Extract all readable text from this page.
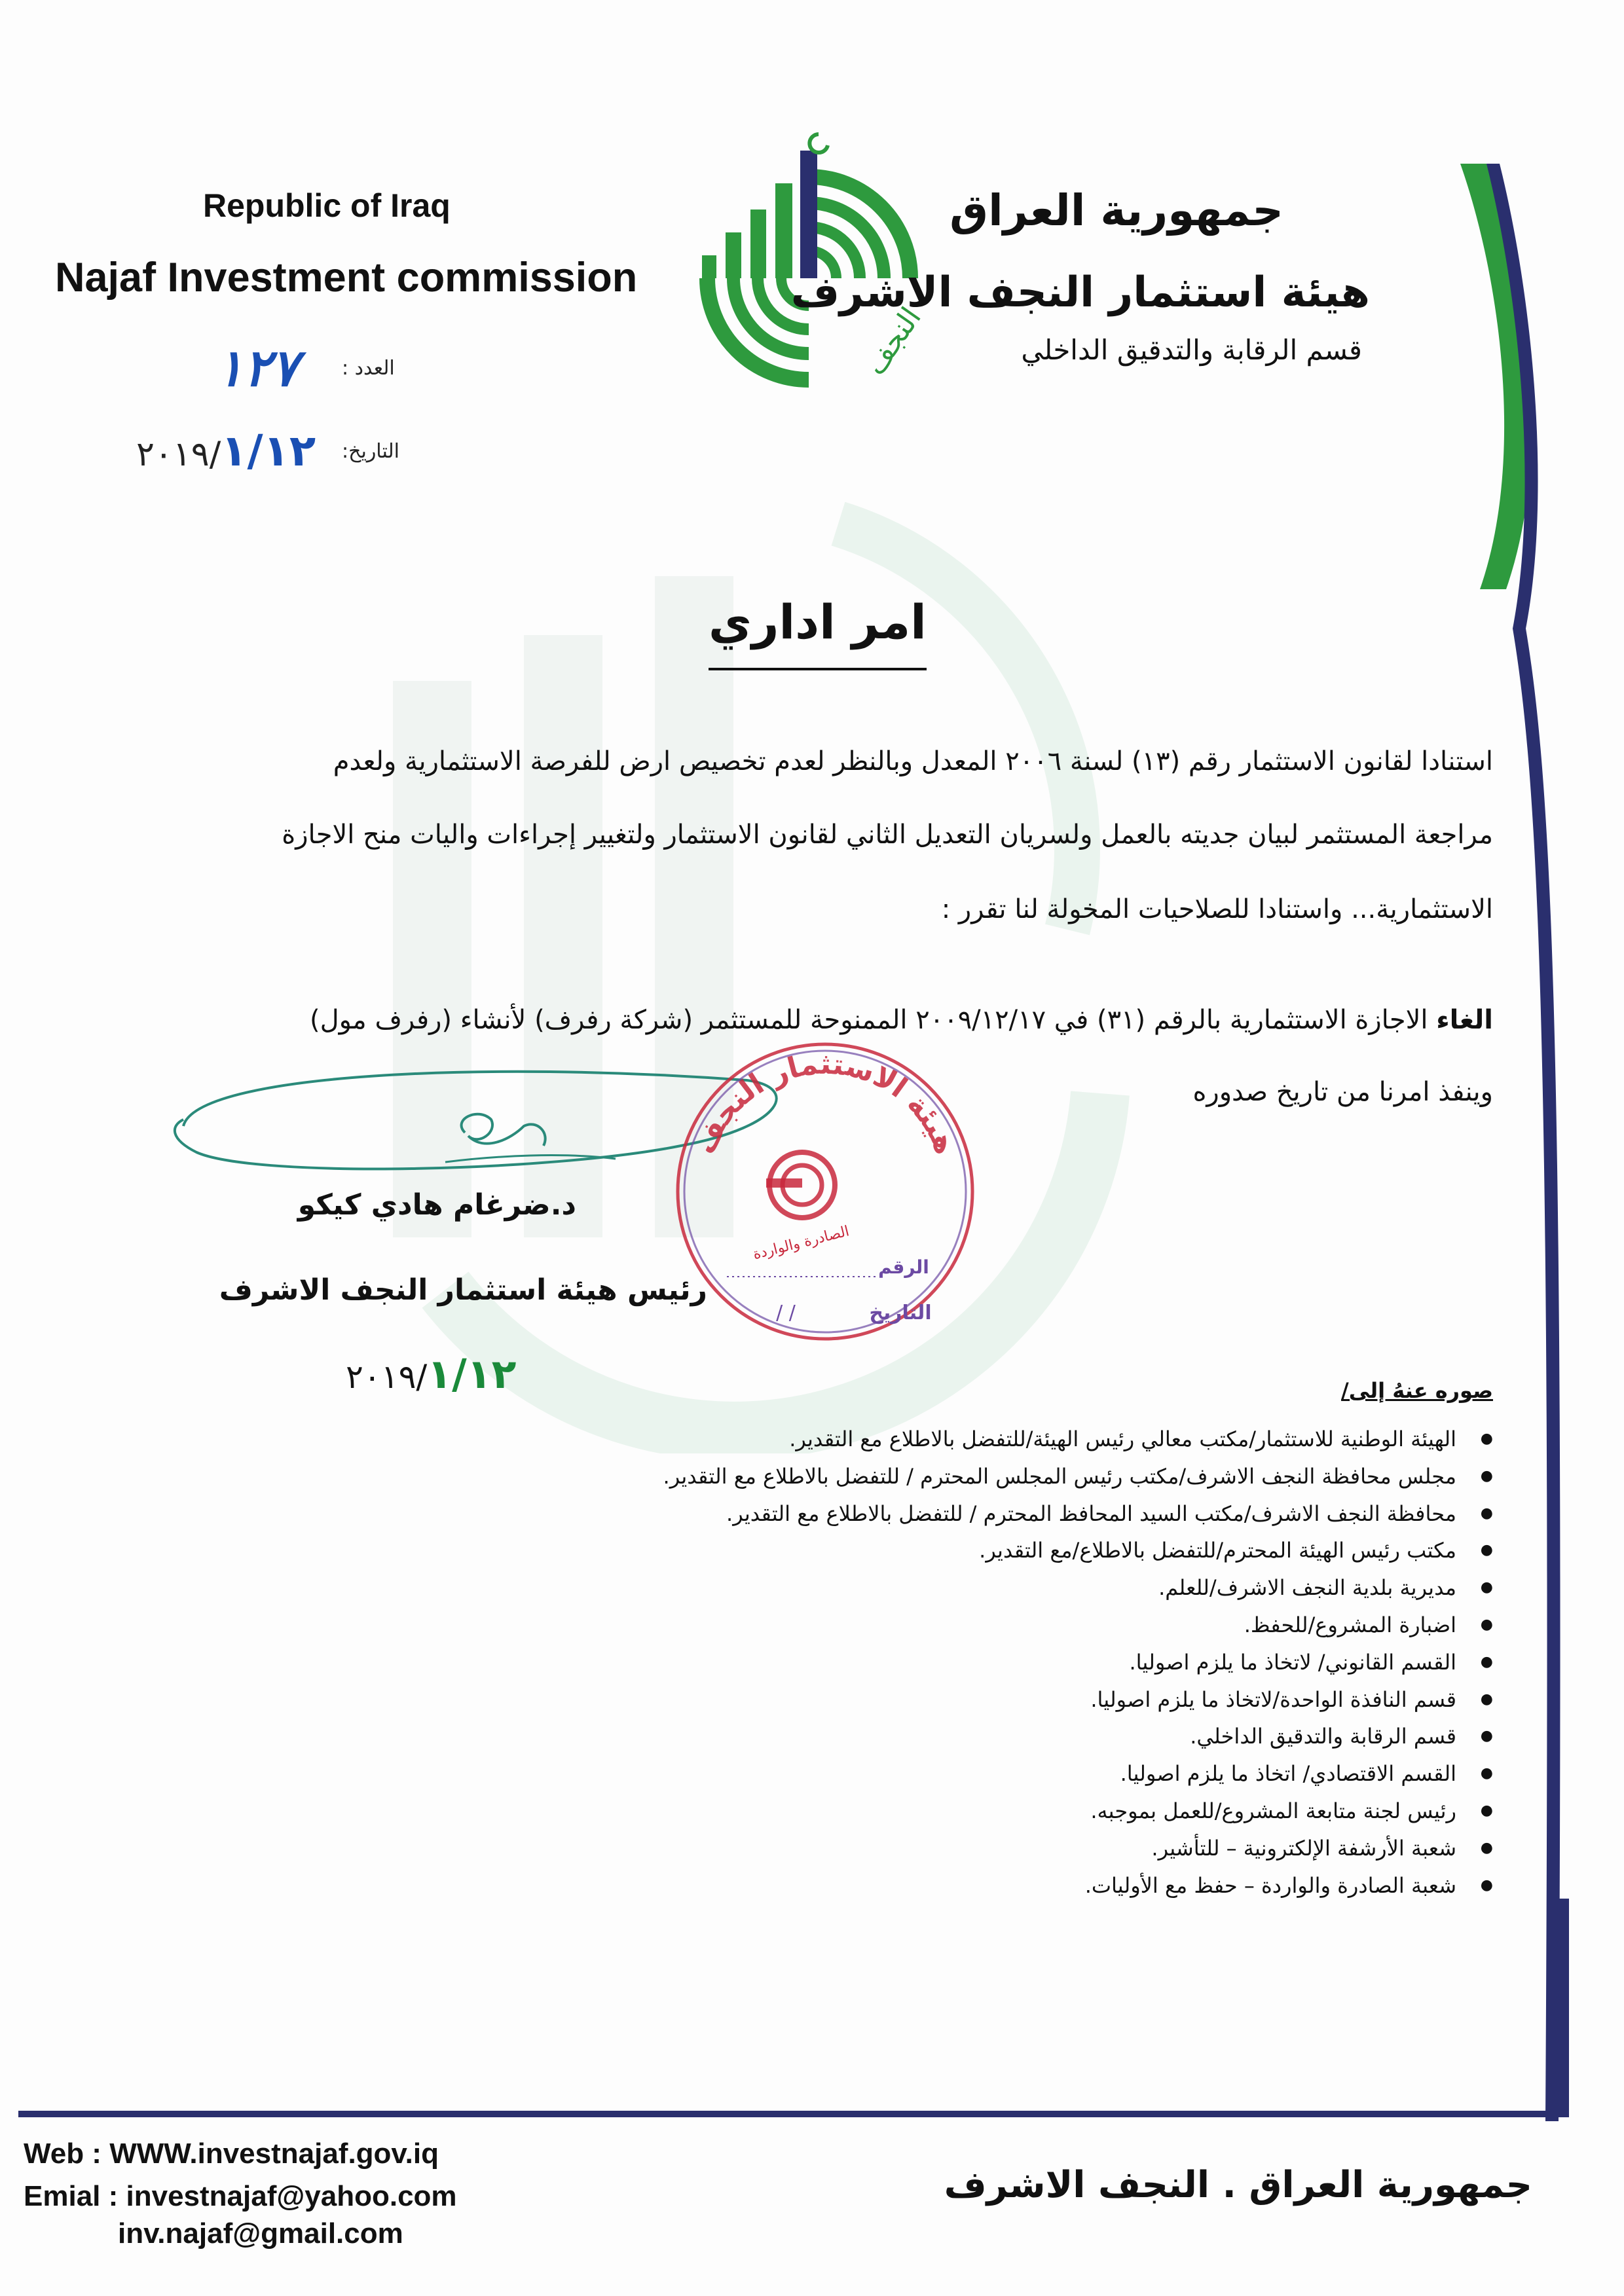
Republic of Iraq
Najaf Investment commission
العدد :
١٢٧
التاريخ:
٢٠١٩/١/١٢
النجف
جمهورية العراق
هيئة استثمار النجف الاشرف
قسم الرقابة والتدقيق الداخلي
امر اداري
استنادا لقانون الاستثمار رقم (١٣) لسنة ٢٠٠٦ المعدل وبالنظر لعدم تخصيص ارض للفرصة الاستثمارية ولعدم
مراجعة المستثمر لبيان جديته بالعمل ولسريان التعديل الثاني لقانون الاستثمار ولتغيير إجراءات واليات منح الاجازة
الاستثمارية... واستنادا للصلاحيات المخولة لنا تقرر :
الغاء الاجازة الاستثمارية بالرقم (٣١) في ٢٠٠٩/١٢/١٧ الممنوحة للمستثمر (شركة رفرف) لأنشاء (رفرف مول)
وينفذ امرنا من تاريخ صدوره
هيئة الاستثمار النجف
الصادرة والواردة
الرقم
التاريخ
/ /
د.ضرغام هادي كيكو
رئيس هيئة استثمار النجف الاشرف
٢٠١٩/١/١٢	صوره عنهُ إلى/
● الهيئة الوطنية للاستثمار/مكتب معالي رئيس الهيئة/للتفضل بالاطلاع مع التقدير.
● مجلس محافظة النجف الاشرف/مكتب رئيس المجلس المحترم / للتفضل بالاطلاع مع التقدير.
● محافظة النجف الاشرف/مكتب السيد المحافظ المحترم / للتفضل بالاطلاع مع التقدير.
● مكتب رئيس الهيئة المحترم/للتفضل بالاطلاع/مع التقدير.
● مديرية بلدية النجف الاشرف/للعلم.
● اضبارة المشروع/للحفظ.
● القسم القانوني/ لاتخاذ ما يلزم اصوليا.
● قسم النافذة الواحدة/لاتخاذ ما يلزم اصوليا.
● قسم الرقابة والتدقيق الداخلي.
● القسم الاقتصادي/ اتخاذ ما يلزم اصوليا.
● رئيس لجنة متابعة المشروع/للعمل بموجبه.
● شعبة الأرشفة الإلكترونية – للتأشير.
● شعبة الصادرة والواردة – حفظ مع الأوليات.
Web : WWW.investnajaf.gov.iq
Emial : investnajaf@yahoo.com
inv.najaf@gmail.com
جمهورية العراق . النجف الاشرف
